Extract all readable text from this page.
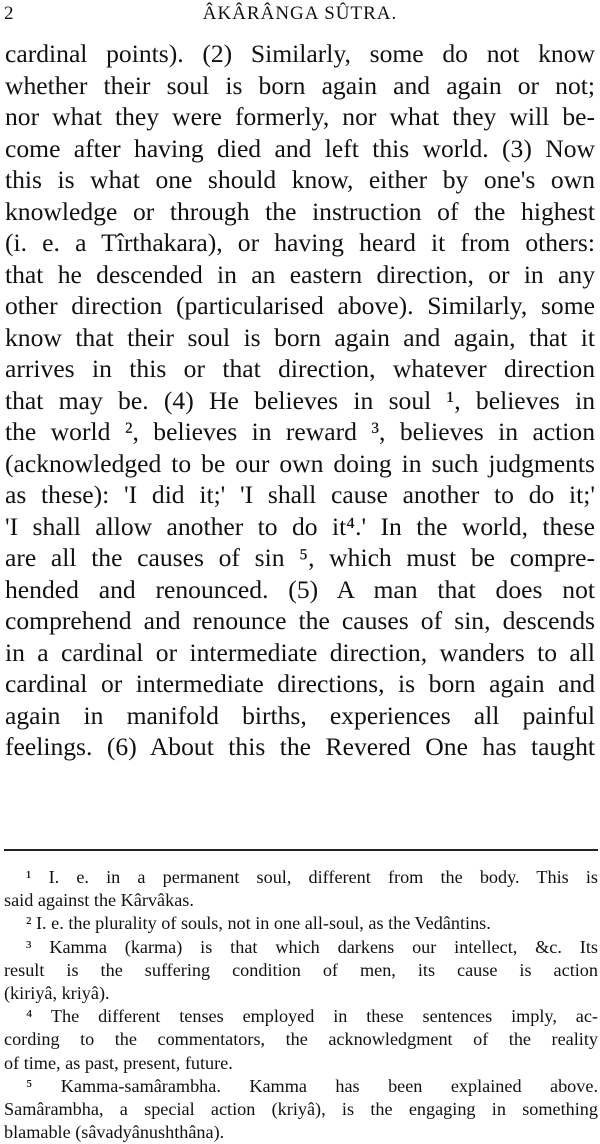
2	ÂKÂRÂNGA SÛTRA.
cardinal points). (2) Similarly, some do not know
whether their soul is born again and again or not;
nor what they were formerly, nor what they will be-
come after having died and left this world. (3) Now
this is what one should know, either by one's own
knowledge or through the instruction of the highest
(i. e. a Tîrthakara), or having heard it from others:
that he descended in an eastern direction, or in any
other direction (particularised above). Similarly, some
know that their soul is born again and again, that it
arrives in this or that direction, whatever direction
that may be. (4) He believes in soul ¹, believes in
the world ², believes in reward ³, believes in action
(acknowledged to be our own doing in such judgments
as these): 'I did it;' 'I shall cause another to do it;'
'I shall allow another to do it⁴.' In the world, these
are all the causes of sin ⁵, which must be compre-
hended and renounced. (5) A man that does not
comprehend and renounce the causes of sin, descends
in a cardinal or intermediate direction, wanders to all
cardinal or intermediate directions, is born again and
again in manifold births, experiences all painful
feelings. (6) About this the Revered One has taught
¹ I. e. in a permanent soul, different from the body. This is
said against the Kârvâkas.
² I. e. the plurality of souls, not in one all-soul, as the Vedântins.
³ Kamma (karma) is that which darkens our intellect, &c. Its
result is the suffering condition of men, its cause is action
(kiriyâ, kriyâ).
⁴ The different tenses employed in these sentences imply, ac-
cording to the commentators, the acknowledgment of the reality
of time, as past, present, future.
⁵ Kamma-samârambha. Kamma has been explained above.
Samârambha, a special action (kriyâ), is the engaging in something
blamable (sâvadyânushthâna).
